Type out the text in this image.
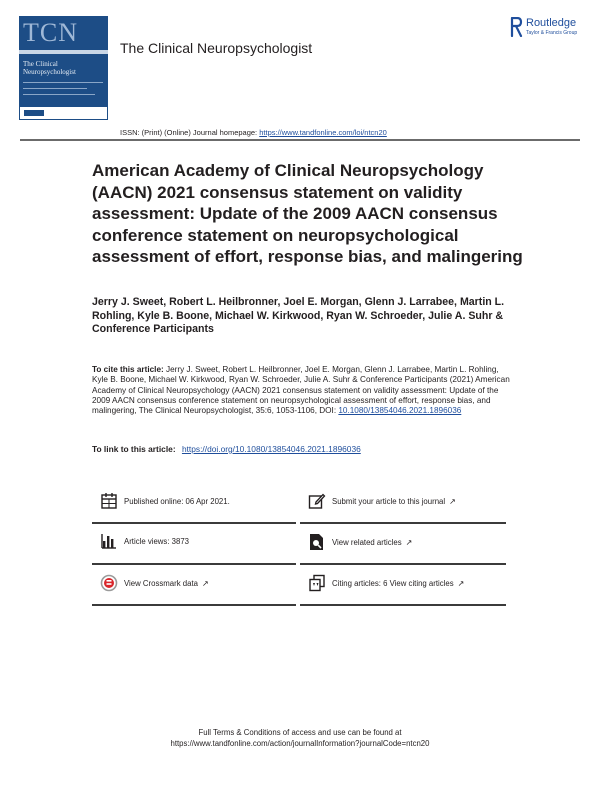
TCN
The Clinical Neuropsychologist
The Clinical Neuropsychologist
Routledge
Taylor & Francis Group
ISSN: (Print) (Online) Journal homepage: https://www.tandfonline.com/loi/ntcn20
American Academy of Clinical Neuropsychology (AACN) 2021 consensus statement on validity assessment: Update of the 2009 AACN consensus conference statement on neuropsychological assessment of effort, response bias, and malingering
Jerry J. Sweet, Robert L. Heilbronner, Joel E. Morgan, Glenn J. Larrabee, Martin L. Rohling, Kyle B. Boone, Michael W. Kirkwood, Ryan W. Schroeder, Julie A. Suhr & Conference Participants
To cite this article: Jerry J. Sweet, Robert L. Heilbronner, Joel E. Morgan, Glenn J. Larrabee, Martin L. Rohling, Kyle B. Boone, Michael W. Kirkwood, Ryan W. Schroeder, Julie A. Suhr & Conference Participants (2021) American Academy of Clinical Neuropsychology (AACN) 2021 consensus statement on validity assessment: Update of the 2009 AACN consensus conference statement on neuropsychological assessment of effort, response bias, and malingering, The Clinical Neuropsychologist, 35:6, 1053-1106, DOI: 10.1080/13854046.2021.1896036
To link to this article: https://doi.org/10.1080/13854046.2021.1896036
Published online: 06 Apr 2021.	Submit your article to this journal ↗
Article views: 3873	View related articles ↗
View Crossmark data ↗	Citing articles: 6 View citing articles ↗
Full Terms & Conditions of access and use can be found at
https://www.tandfonline.com/action/journalInformation?journalCode=ntcn20
